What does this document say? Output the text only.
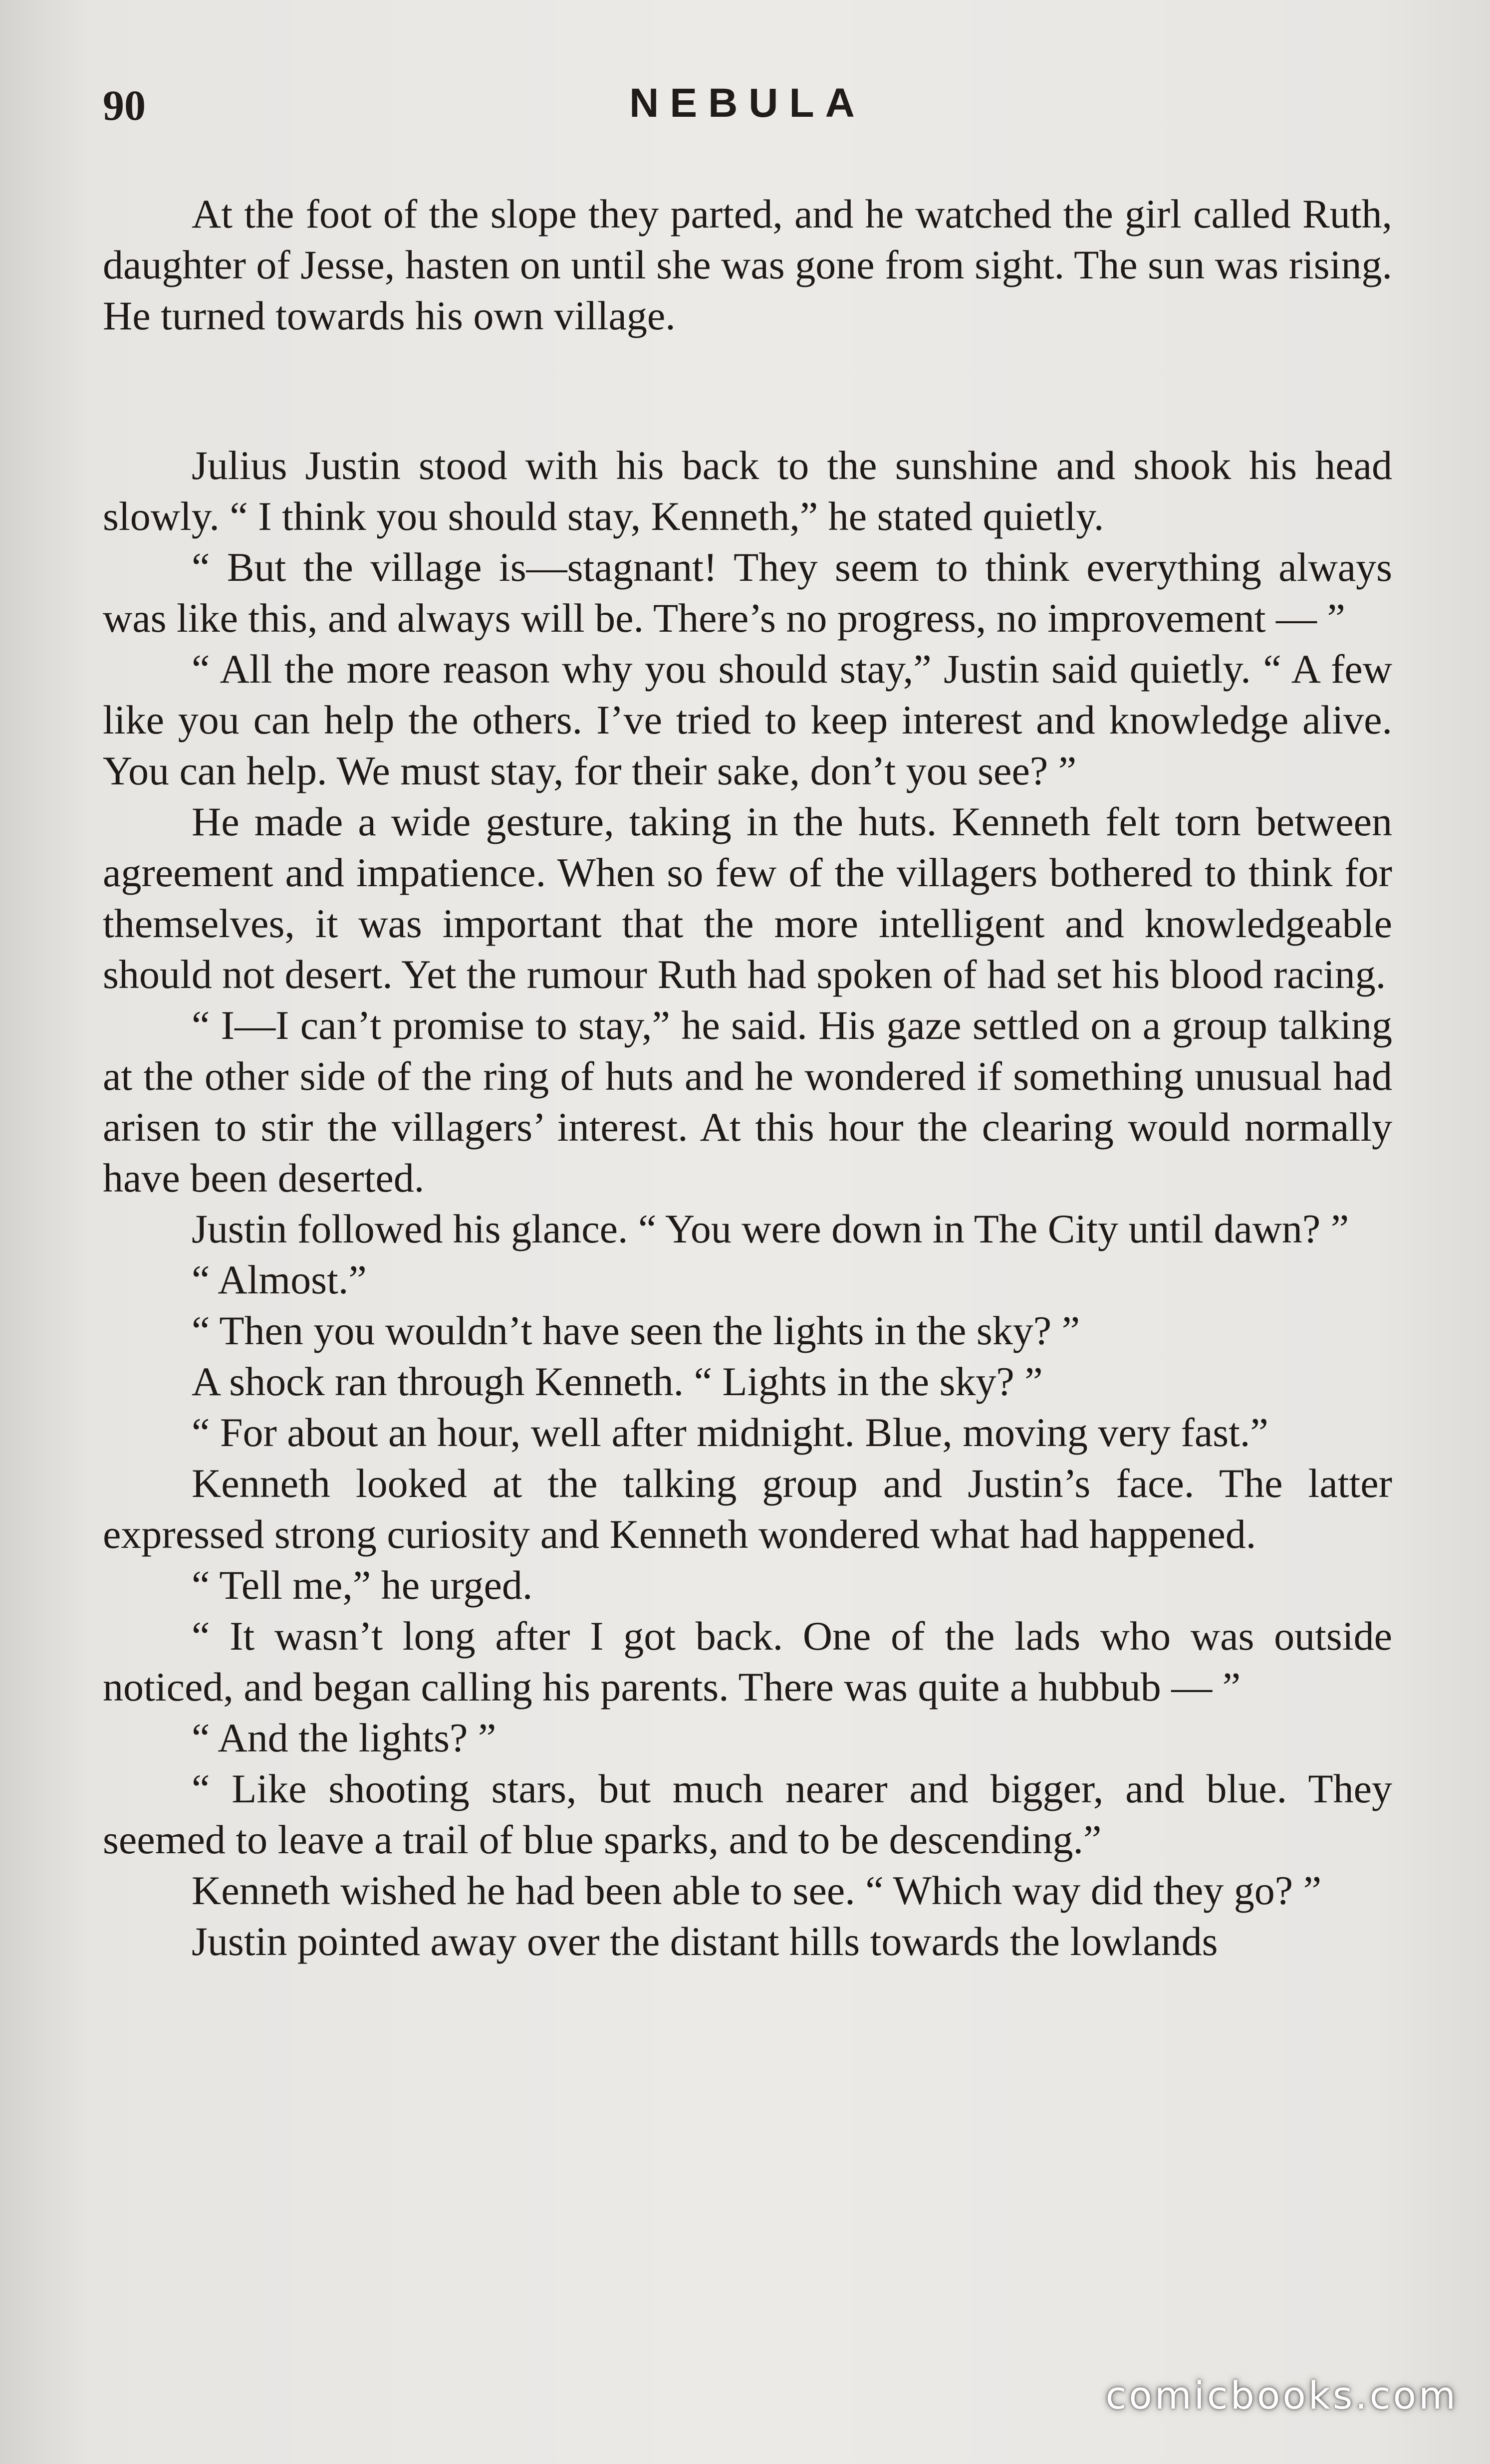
90	NEBULA

At the foot of the slope they parted, and he watched the girl called Ruth, daughter of Jesse, hasten on until she was gone from sight. The sun was rising. He turned towards his own village.

Julius Justin stood with his back to the sunshine and shook his head slowly. “ I think you should stay, Kenneth,” he stated quietly.

“ But the village is—stagnant! They seem to think everything always was like this, and always will be. There’s no progress, no improvement — ”

“ All the more reason why you should stay,” Justin said quietly. “ A few like you can help the others. I’ve tried to keep interest and knowledge alive. You can help. We must stay, for their sake, don’t you see? ”

He made a wide gesture, taking in the huts. Kenneth felt torn between agreement and impatience. When so few of the villagers bothered to think for themselves, it was important that the more intelligent and knowledgeable should not desert. Yet the rumour Ruth had spoken of had set his blood racing.

“ I—I can’t promise to stay,” he said. His gaze settled on a group talking at the other side of the ring of huts and he wondered if something unusual had arisen to stir the villagers’ interest. At this hour the clearing would normally have been deserted.

Justin followed his glance. “ You were down in The City until dawn? ”

“ Almost.”

“ Then you wouldn’t have seen the lights in the sky? ”

A shock ran through Kenneth. “ Lights in the sky? ”

“ For about an hour, well after midnight. Blue, moving very fast.”

Kenneth looked at the talking group and Justin’s face. The latter expressed strong curiosity and Kenneth wondered what had happened.

“ Tell me,” he urged.

“ It wasn’t long after I got back. One of the lads who was outside noticed, and began calling his parents. There was quite a hubbub — ”

“ And the lights? ”

“ Like shooting stars, but much nearer and bigger, and blue. They seemed to leave a trail of blue sparks, and to be descending.”

Kenneth wished he had been able to see. “ Which way did they go? ”

Justin pointed away over the distant hills towards the lowlands

comicbooks.com
